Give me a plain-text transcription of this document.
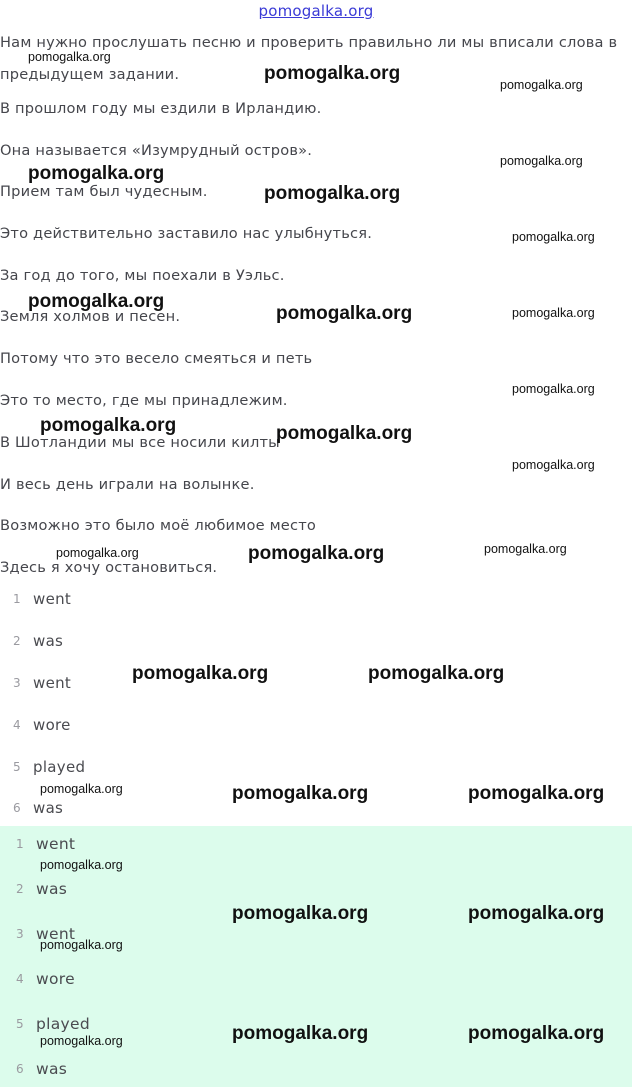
pomogalka.org
Нам нужно прослушать песню и проверить правильно ли мы вписали слова в
предыдущем задании.
В прошлом году мы ездили в Ирландию.
Она называется «Изумрудный остров».
Прием там был чудесным.
Это действительно заставило нас улыбнуться.
За год до того, мы поехали в Уэльс.
Земля холмов и песен.
Потому что это весело смеяться и петь
Это то место, где мы принадлежим.
В Шотландии мы все носили килты
И весь день играли на волынке.
Возможно это было моё любимое место
Здесь я хочу остановиться.
1 went
2 was
3 went
4 wore
5 played
6 was
1 went
2 was
3 went
4 wore
5 played
6 was
pomogalka.org
pomogalka.org
pomogalka.org
pomogalka.org
pomogalka.org
pomogalka.org
pomogalka.org
pomogalka.org
pomogalka.org	pomogalka.org
pomogalka.org
pomogalka.org	pomogalka.org
pomogalka.org
pomogalka.org	pomogalka.org	pomogalka.org
pomogalka.org	pomogalka.org
pomogalka.org	pomogalka.org	pomogalka.org
pomogalka.org
pomogalka.org	pomogalka.org
pomogalka.org
pomogalka.org	pomogalka.org
pomogalka.org
